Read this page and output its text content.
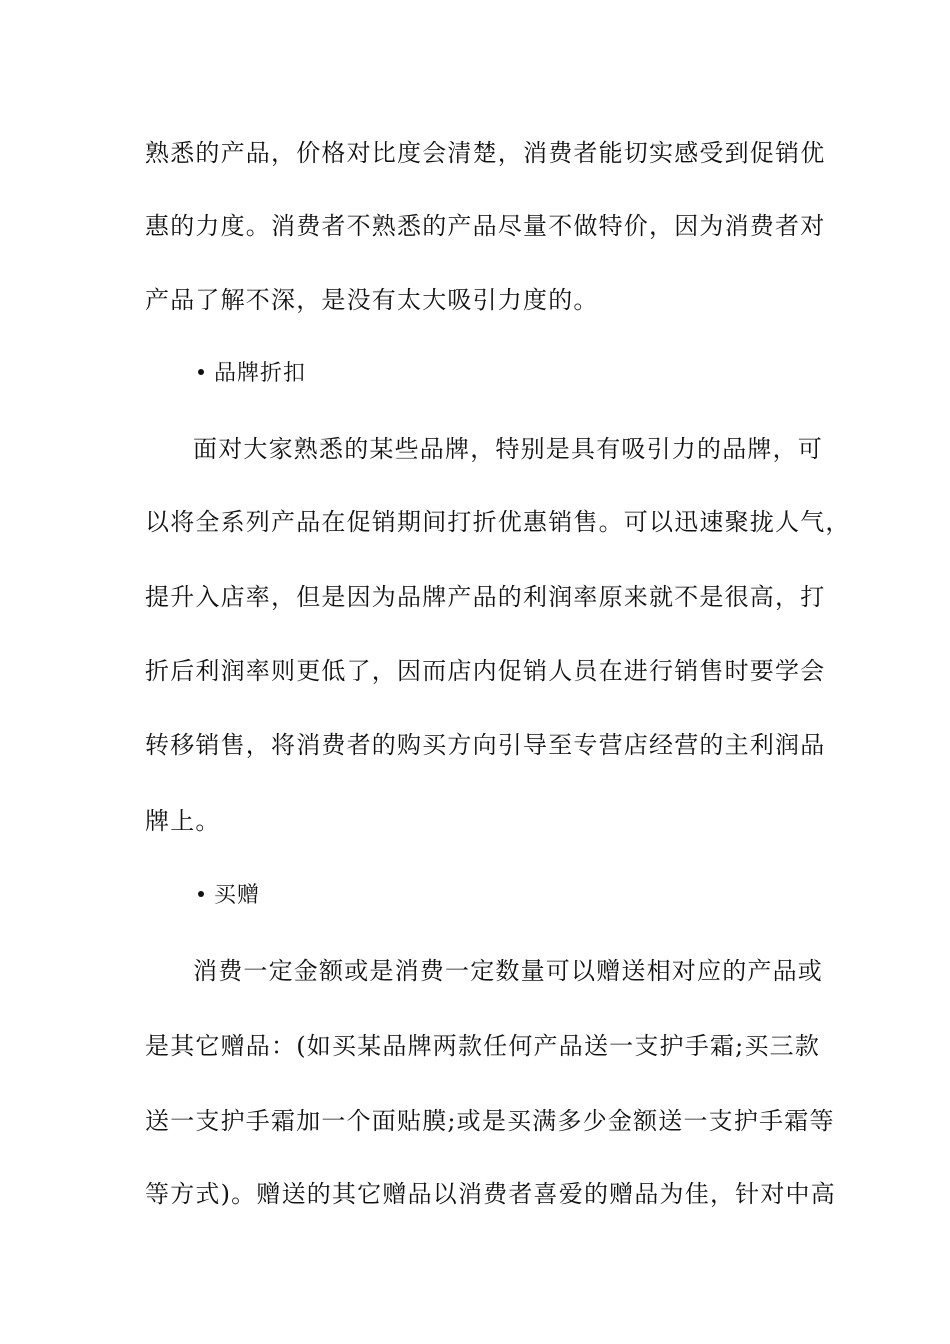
熟悉的产品，价格对比度会清楚，消费者能切实感受到促销优
惠的力度。消费者不熟悉的产品尽量不做特价，因为消费者对
产品了解不深，是没有太大吸引力度的。
品牌折扣
面对大家熟悉的某些品牌，特别是具有吸引力的品牌，可
以将全系列产品在促销期间打折优惠销售。可以迅速聚拢人气，
提升入店率，但是因为品牌产品的利润率原来就不是很高，打
折后利润率则更低了，因而店内促销人员在进行销售时要学会
转移销售，将消费者的购买方向引导至专营店经营的主利润品
牌上。
买赠
消费一定金额或是消费一定数量可以赠送相对应的产品或
是其它赠品：(如买某品牌两款任何产品送一支护手霜;买三款
送一支护手霜加一个面贴膜;或是买满多少金额送一支护手霜等
等方式)。赠送的其它赠品以消费者喜爱的赠品为佳，针对中高
